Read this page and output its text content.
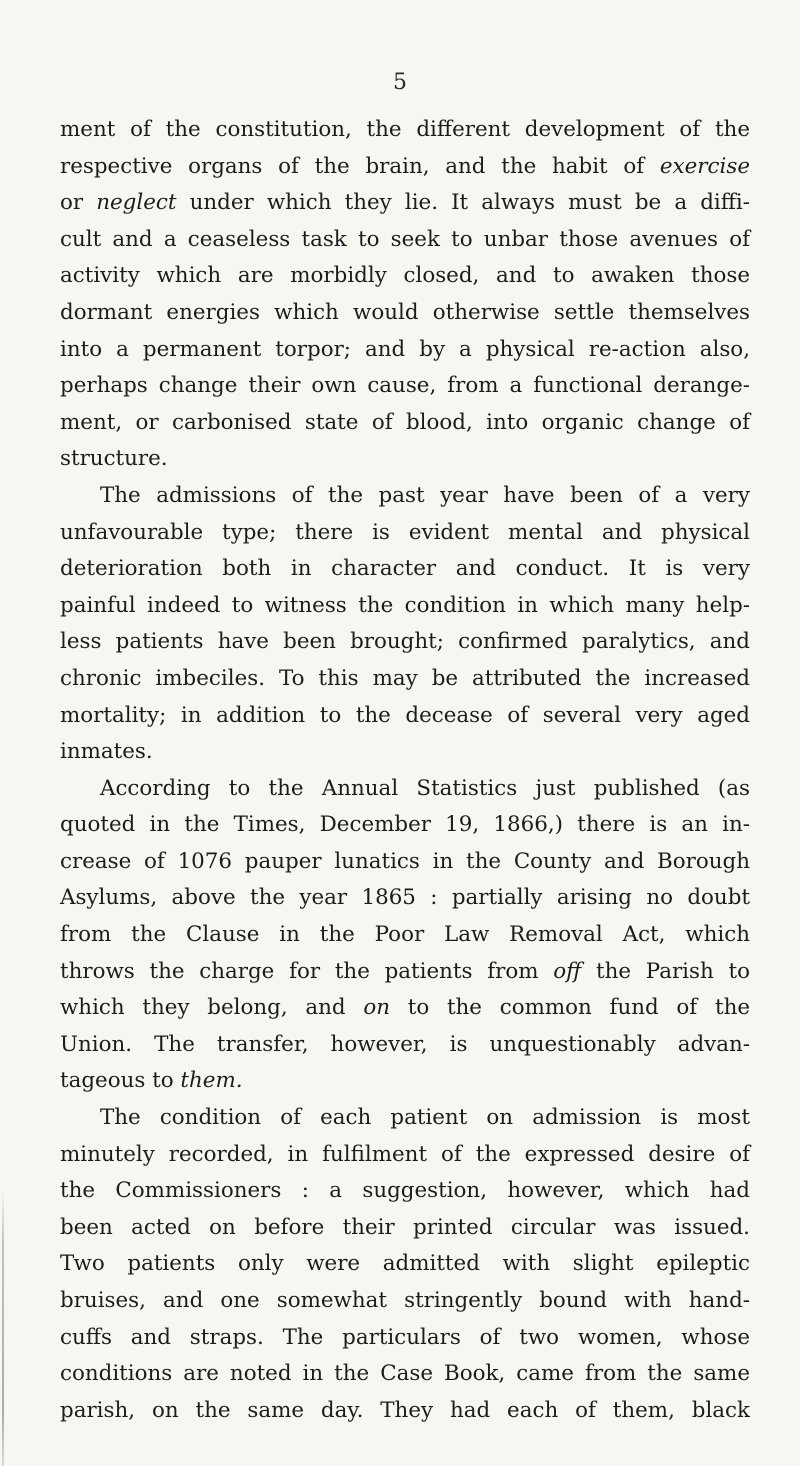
5
ment of the constitution, the different development of the
respective organs of the brain, and the habit of exercise
or neglect under which they lie. It always must be a diffi-
cult and a ceaseless task to seek to unbar those avenues of
activity which are morbidly closed, and to awaken those
dormant energies which would otherwise settle themselves
into a permanent torpor; and by a physical re-action also,
perhaps change their own cause, from a functional derange-
ment, or carbonised state of blood, into organic change of
structure.
The admissions of the past year have been of a very
unfavourable type; there is evident mental and physical
deterioration both in character and conduct. It is very
painful indeed to witness the condition in which many help-
less patients have been brought; confirmed paralytics, and
chronic imbeciles. To this may be attributed the increased
mortality; in addition to the decease of several very aged
inmates.
According to the Annual Statistics just published (as
quoted in the Times, December 19, 1866,) there is an in-
crease of 1076 pauper lunatics in the County and Borough
Asylums, above the year 1865 : partially arising no doubt
from the Clause in the Poor Law Removal Act, which
throws the charge for the patients from off the Parish to
which they belong, and on to the common fund of the
Union. The transfer, however, is unquestionably advan-
tageous to them.
The condition of each patient on admission is most
minutely recorded, in fulfilment of the expressed desire of
the Commissioners : a suggestion, however, which had
been acted on before their printed circular was issued.
Two patients only were admitted with slight epileptic
bruises, and one somewhat stringently bound with hand-
cuffs and straps. The particulars of two women, whose
conditions are noted in the Case Book, came from the same
parish, on the same day. They had each of them, black
